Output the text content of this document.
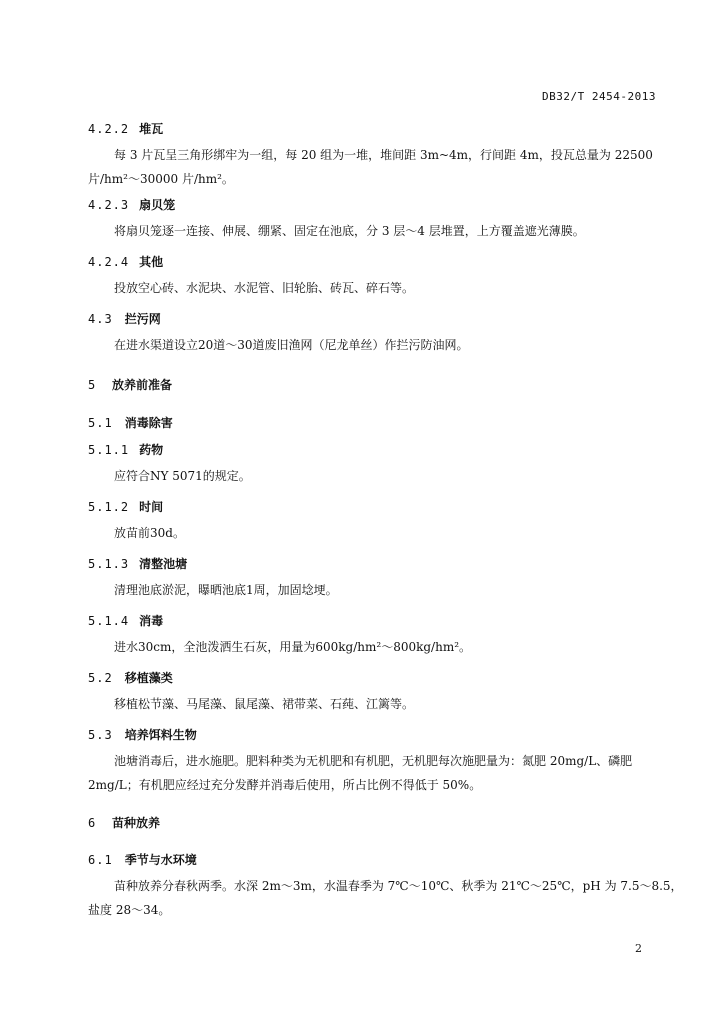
DB32/T 2454-2013
4.2.2 堆瓦
每 3 片瓦呈三角形绑牢为一组，每 20 组为一堆，堆间距 3m~4m，行间距 4m，投瓦总量为 22500
片/hm²～30000 片/hm²。
4.2.3 扇贝笼
将扇贝笼逐一连接、伸展、绷紧、固定在池底，分 3 层～4 层堆置，上方覆盖遮光薄膜。
4.2.4 其他
投放空心砖、水泥块、水泥管、旧轮胎、砖瓦、碎石等。
4.3 拦污网
在进水渠道设立20道～30道废旧渔网（尼龙单丝）作拦污防油网。
5 放养前准备
5.1 消毒除害
5.1.1 药物
应符合NY 5071的规定。
5.1.2 时间
放苗前30d。
5.1.3 清整池塘
清理池底淤泥，曝晒池底1周，加固埝埂。
5.1.4 消毒
进水30cm，全池泼洒生石灰，用量为600kg/hm²～800kg/hm²。
5.2 移植藻类
移植松节藻、马尾藻、鼠尾藻、裙带菜、石莼、江篱等。
5.3 培养饵料生物
池塘消毒后，进水施肥。肥料种类为无机肥和有机肥，无机肥每次施肥量为：氮肥 20mg/L、磷肥
2mg/L；有机肥应经过充分发酵并消毒后使用，所占比例不得低于 50%。
6 苗种放养
6.1 季节与水环境
苗种放养分春秋两季。水深 2m～3m，水温春季为 7℃～10℃、秋季为 21℃～25℃，pH 为 7.5～8.5，
盐度 28～34。
2
